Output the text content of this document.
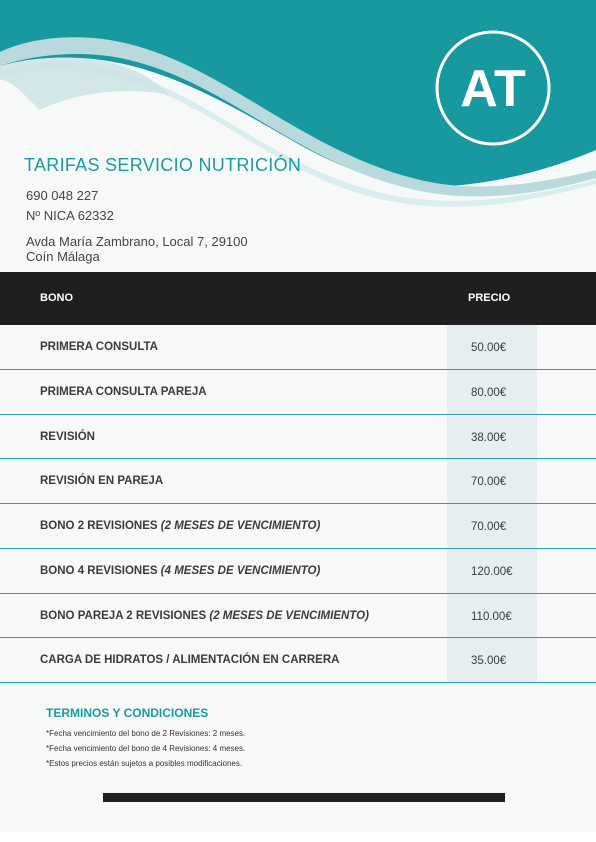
AT
TARIFAS SERVICIO NUTRICIÓN
690 048 227
Nº NICA 62332
Avda María Zambrano, Local 7, 29100
Coín Málaga
BONO	PRECIO
PRIMERA CONSULTA	50.00€
PRIMERA CONSULTA PAREJA	80.00€
REVISIÓN	38.00€
REVISIÓN EN PAREJA	70.00€
BONO 2 REVISIONES (2 MESES DE VENCIMIENTO)	70.00€
BONO 4 REVISIONES (4 MESES DE VENCIMIENTO)	120.00€
BONO PAREJA 2 REVISIONES (2 MESES DE VENCIMIENTO)	110.00€
CARGA DE HIDRATOS / ALIMENTACIÓN EN CARRERA	35.00€
TERMINOS Y CONDICIONES
*Fecha vencimiento del bono de 2 Revisiones: 2 meses.
*Fecha vencimiento del bono de 4 Revisiones: 4 meses.
*Estos precios están sujetos a posibles modificaciones.
